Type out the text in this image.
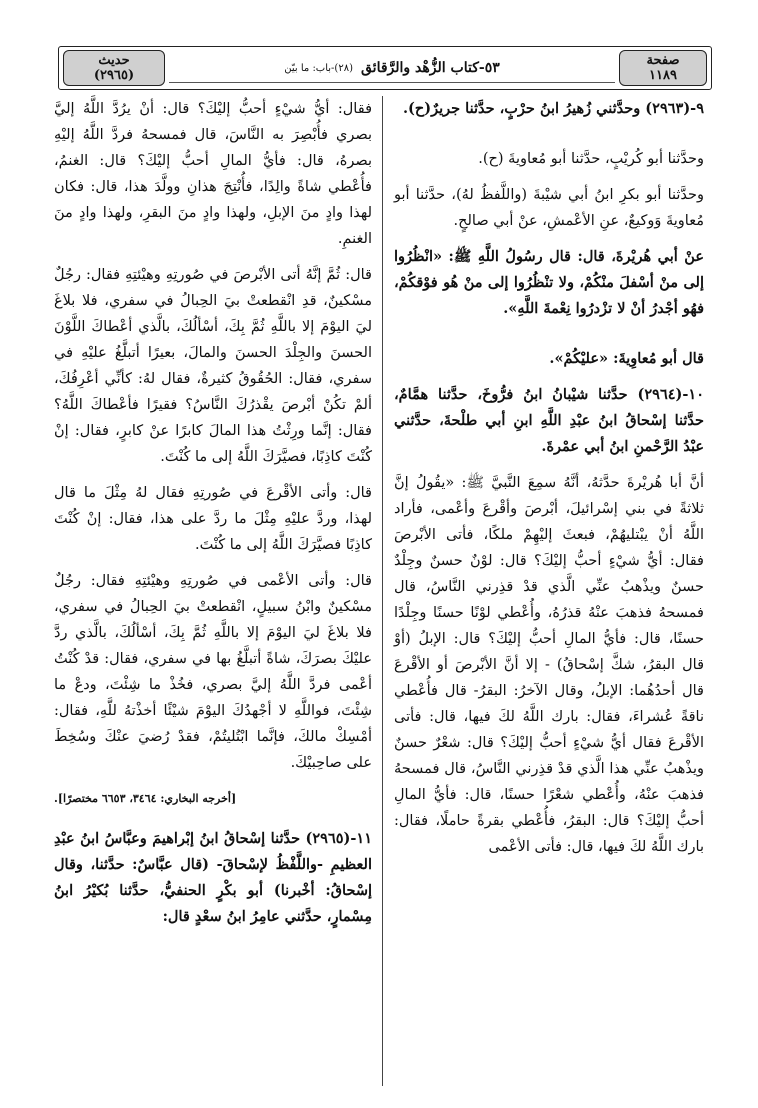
حديث
(٢٩٦٥)	٥٣-كتاب الزُّهْد والرَّقائق
(٢٨)-باب: ما بيّن	صفحة
١١٨٩

٩-(٢٩٦٣) وحدَّثني زُهيرُ ابنُ حرْبٍ، حدَّثنا جريرٌ(ح).

وحدَّثنا أبو كُريْبٍ، حدَّثنا أبو مُعاويةَ (ح).

وحدَّثنا أبو بكرِ ابنُ أبي شيْبةَ (واللَّفظُ لهُ)، حدَّثنا أبو مُعاويةَ وَوكيعٌ، عنِ الأعْمشِ، عنْ أبي صالحٍ.

عنْ أبي هُريْرةَ، قال: قال رسُولُ اللَّهِ ﷺ: «انْظُرُوا إلى منْ أسْفلَ منْكُمْ، ولا تنْظُرُوا إلى منْ هُو فوْقكُمْ، فهُو أجْدرُ أنْ لا تزْدرُوا نِعْمةَ اللَّهِ».

قال أبو مُعاوِيةَ: «عليْكُمْ».

١٠-(٢٩٦٤) حدَّثنا شيْبانُ ابنُ فرُّوخَ، حدَّثنا همَّامٌ، حدَّثنا إسْحاقُ ابنُ عبْدِ اللَّهِ ابنِ أبي طلْحةَ، حدَّثني عبْدُ الرَّحْمنِ ابنُ أبي عمْرةَ.

أنَّ أبا هُريْرةَ حدَّثهُ، أنَّهُ سمِعَ النَّبيَّ ﷺ: «يقُولُ إنَّ ثلاثةً في بني إسْرائيلَ، أبْرصَ وأقْرعَ وأعْمى، فأراد اللَّهُ أنْ يبْتليهُمْ، فبعثَ إليْهِمْ ملكًا، فأتى الأبْرصَ فقال: أيُّ شيْءٍ أحبُّ إليْكَ؟ قال: لوْنٌ حسنٌ وجِلْدٌ حسنٌ ويذْهبُ عنِّي الَّذي قدْ قذِرني النَّاسُ، قال فمسحهُ فذهبَ عنْهُ قذرُهُ، وأُعْطي لوْنًا حسنًا وجِلْدًا حسنًا، قال: فأيُّ المالِ أحبُّ إليْكَ؟ قال: الإبلُ (أوْ قال البقرُ، شكَّ إسْحاقُ) - إلا أنَّ الأبْرصَ أو الأقْرعَ قال أحدُهُما: الإبلُ، وقال الآخرُ: البقرُ- قال فأُعْطي ناقةً عُشراءَ، فقال: بارك اللَّهُ لكَ فيها، قال: فأتى الأقْرعَ فقال أيُّ شيْءٍ أحبُّ إليْكَ؟ قال: شعْرٌ حسنٌ ويذْهبُ عنِّي هذا الَّذي قدْ قذِرني النَّاسُ، قال فمسحهُ فذهبَ عنْهُ، وأُعْطي شعْرًا حسنًا، قال: فأيُّ المالِ أحبُّ إليْكَ؟ قال: البقرُ، فأُعْطي بقرةً حاملًا، فقال: بارك اللَّهُ لكَ فيها، قال: فأتى الأعْمى

فقال: أيُّ شيْءٍ أحبُّ إليْكَ؟ قال: أنْ يرُدَّ اللَّهُ إليَّ بصري فأُبْصِرَ به النَّاسَ، قال فمسحهُ فردَّ اللَّهُ إليْهِ بصرهُ، قال: فأيُّ المالِ أحبُّ إليْكَ؟ قال: الغنمُ، فأُعْطي شاةً والِدًا، فأُنْتِجَ هذانِ وولَّدَ هذا، قال: فكان لهذا وادٍ منَ الإبلِ، ولهذا وادٍ منَ البقرِ، ولهذا وادٍ منَ الغنمِ.

قال: ثُمَّ إنَّهُ أتى الأبْرصَ في صُورتِهِ وهيْئتِهِ فقال: رجُلٌ مسْكينٌ، قدِ انْقطعتْ بيَ الحِبالُ في سفري، فلا بلاغَ ليَ اليوْمَ إلا باللَّهِ ثُمَّ بِكَ، أسْألُكَ، بالَّذي أعْطاكَ اللَّوْنَ الحسنَ والجِلْدَ الحسنَ والمالَ، بعيرًا أتبلَّغُ عليْهِ في سفري، فقال: الحُقُوقُ كثيرةٌ، فقال لهُ: كأنِّي أعْرِفُكَ، ألمْ تكُنْ أبْرصَ يقْذرُكَ النَّاسُ؟ فقيرًا فأعْطاكَ اللَّهُ؟ فقال: إنَّما ورِثْتُ هذا المالَ كابرًا عنْ كابرٍ، فقال: إنْ كُنْتَ كاذِبًا، فصيَّرَكَ اللَّهُ إلى ما كُنْتَ.

قال: وأتى الأقْرعَ في صُورتِهِ فقال لهُ مِثْلَ ما قال لهذا، وردَّ عليْهِ مِثْلَ ما ردَّ على هذا، فقال: إنْ كُنْتَ كاذِبًا فصيَّرَكَ اللَّهُ إلى ما كُنْتَ.

قال: وأتى الأعْمى في صُورتِهِ وهيْئتِهِ فقال: رجُلٌ مسْكينٌ وابْنُ سبيلٍ، انْقطعتْ بيَ الحِبالُ في سفري، فلا بلاغَ ليَ اليوْمَ إلا باللَّهِ ثُمَّ بِكَ، أسْألُكَ، بالَّذي ردَّ عليْكَ بصرَكَ، شاةً أتبلَّغُ بها في سفري، فقال: قدْ كُنْتُ أعْمى فردَّ اللَّهُ إليَّ بصري، فخُذْ ما شِئْتَ، ودعْ ما شِئْتَ، فواللَّهِ لا أجْهدُكَ اليوْمَ شيْئًا أخذْتهُ للَّهِ، فقال: أمْسِكْ مالكَ، فإنَّما ابْتُليتُمْ، فقدْ رُضيَ عنْكَ وسُخِطَ على صاحِبيْكَ.

[أخرجه البخاري: ٣٤٦٤، ٦٦٥٣ مختصرًا].

١١-(٢٩٦٥) حدَّثنا إسْحاقُ ابنُ إبْراهيمَ وعبَّاسُ ابنُ عبْدِ العظيمِ -واللَّفْظُ لإسْحاقَ- (قال عبَّاسٌ: حدَّثنا، وقال إسْحاقُ: أخْبرنا) أبو بكْرٍ الحنفيُّ، حدَّثنا بُكيْرُ ابنُ مِسْمارٍ، حدَّثني عامِرُ ابنُ سعْدٍ قال:
